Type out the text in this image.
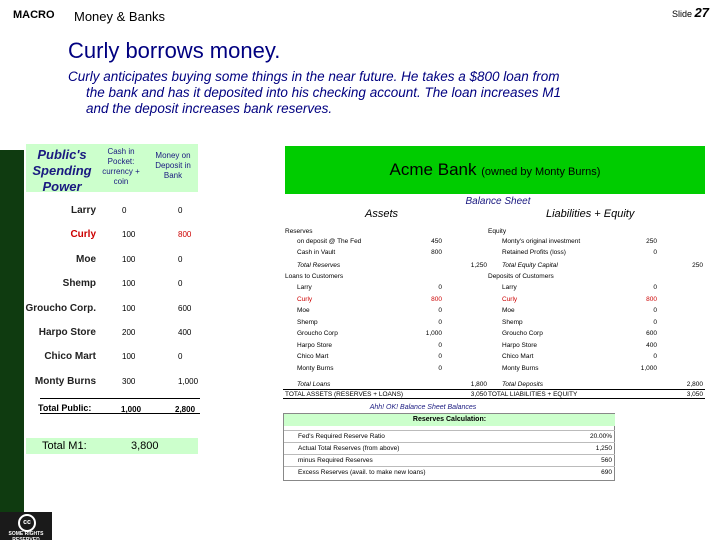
MACRO Money & Banks	Slide 27
Curly borrows money.
Curly anticipates buying some things in the near future. He takes a $800 loan from
the bank and has it deposited into his checking account. The loan increases M1
and the deposit increases bank reserves.
cc
SOME RIGHTS RESERVED
Public's Spending Power
Cash in Pocket: currency + coin
Money on Deposit in Bank
Larry	0	0
Curly	100	800
Moe	100	0
Shemp	100	0
Groucho Corp.	100	600
Harpo Store	200	400
Chico Mart	100	0
Monty Burns	300	1,000
Total Public:	1,000	2,800
Total M1:	3,800
Acme Bank (owned by Monty Burns)
Balance Sheet
Assets	Liabilities + Equity
Reserves
on deposit @ The Fed	450
Cash in Vault	800
Total Reserves	1,250
Loans to Customers
Larry	0
Curly	800
Moe	0
Shemp	0
Groucho Corp	1,000
Harpo Store	0
Chico Mart	0
Monty Burns	0
Total Loans	1,800
Equity
Monty's original investment	250
Retained Profits (loss)	0
Total Equity Capital	250
Deposits of Customers
Larry	0
Curly	800
Moe	0
Shemp	0
Groucho Corp	600
Harpo Store	400
Chico Mart	0
Monty Burns	1,000
Total Deposits	2,800
TOTAL ASSETS (RESERVES + LOANS)	3,050 TOTAL LIABILITIES + EQUITY	3,050
Ahh! OK! Balance Sheet Balances
Reserves Calculation:
Fed's Required Reserve Ratio	20.00%
Actual Total Reserves (from above)	1,250
minus Required Reserves	560
Excess Reserves (avail. to make new loans)	690
